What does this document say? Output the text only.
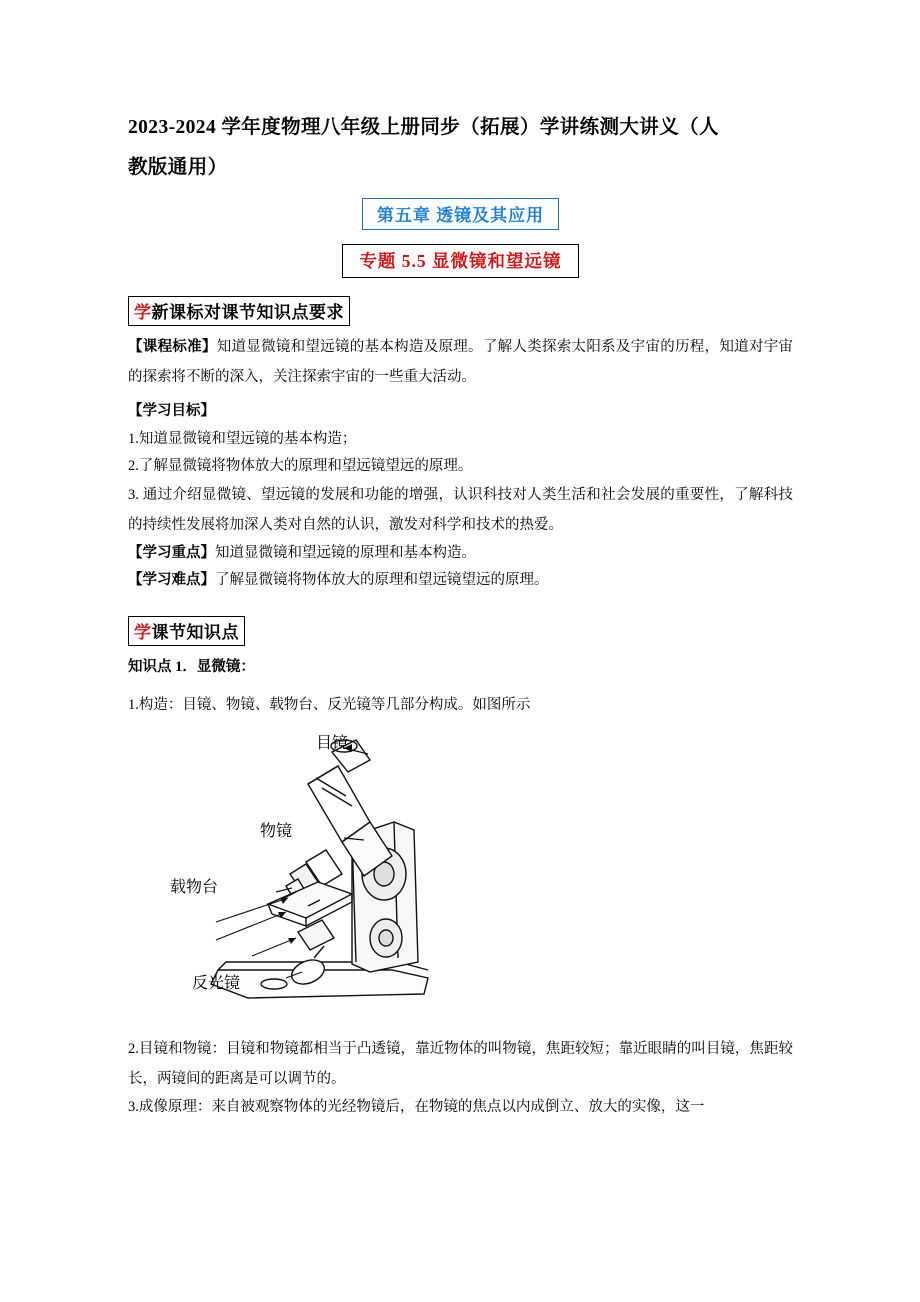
2023-2024 学年度物理八年级上册同步（拓展）学讲练测大讲义（人
教版通用）
第五章 透镜及其应用
专题 5.5 显微镜和望远镜
学新课标对课节知识点要求

【课程标准】知道显微镜和望远镜的基本构造及原理。了解人类探索太阳系及宇宙的历程，知道对宇宙的探索将不断的深入，关注探索宇宙的一些重大活动。

【学习目标】

1.知道显微镜和望远镜的基本构造；

2.了解显微镜将物体放大的原理和望远镜望远的原理。

3. 通过介绍显微镜、望远镜的发展和功能的增强，认识科技对人类生活和社会发展的重要性，了解科技的持续性发展将加深人类对自然的认识，激发对科学和技术的热爱。

【学习重点】知道显微镜和望远镜的原理和基本构造。

【学习难点】了解显微镜将物体放大的原理和望远镜望远的原理。

学课节知识点

知识点 1．显微镜：

1.构造：目镜、物镜、载物台、反光镜等几部分构成。如图所示

目镜
物镜
载物台
反光镜

2.目镜和物镜：目镜和物镜都相当于凸透镜，靠近物体的叫物镜，焦距较短；靠近眼睛的叫目镜，焦距较长，两镜间的距离是可以调节的。

3.成像原理：来自被观察物体的光经物镜后，在物镜的焦点以内成倒立、放大的实像，这一
